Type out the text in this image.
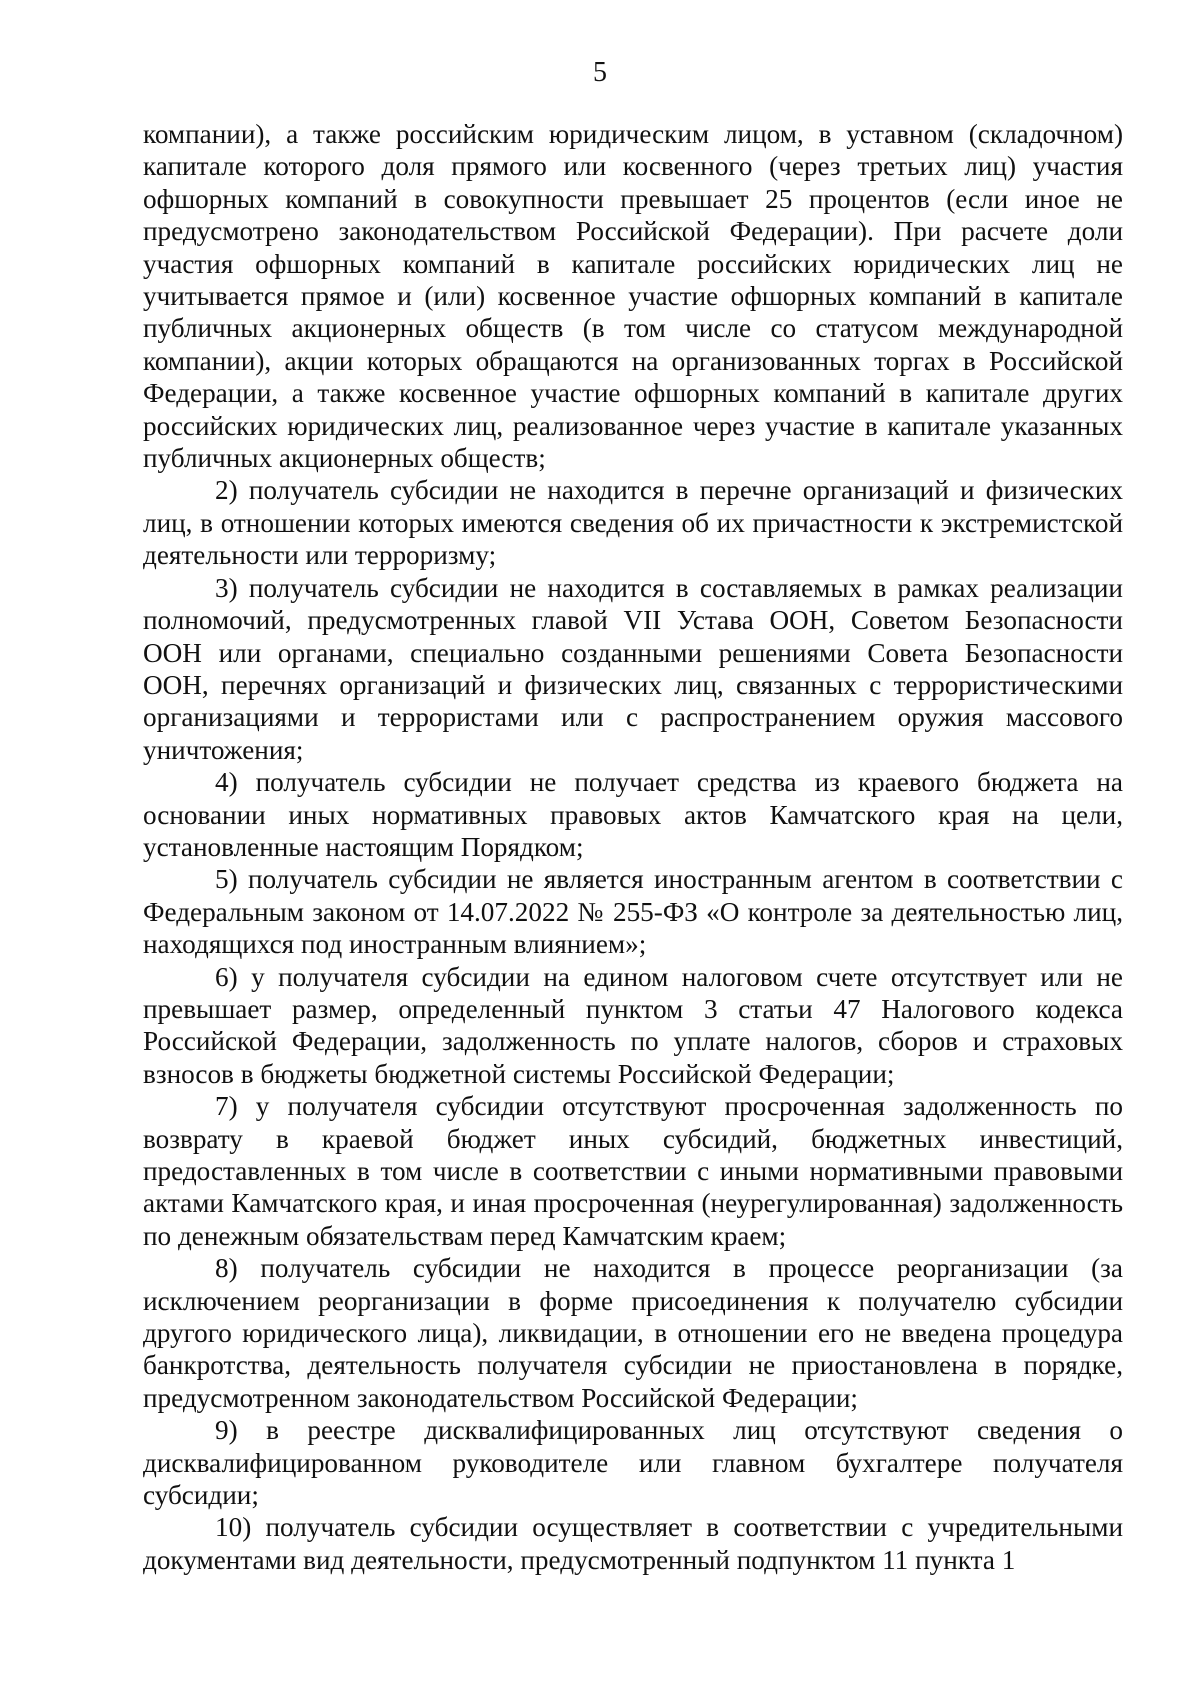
5

компании), а также российским юридическим лицом, в уставном (складочном) капитале которого доля прямого или косвенного (через третьих лиц) участия офшорных компаний в совокупности превышает 25 процентов (если иное не предусмотрено законодательством Российской Федерации). При расчете доли участия офшорных компаний в капитале российских юридических лиц не учитывается прямое и (или) косвенное участие офшорных компаний в капитале публичных акционерных обществ (в том числе со статусом международной компании), акции которых обращаются на организованных торгах в Российской Федерации, а также косвенное участие офшорных компаний в капитале других российских юридических лиц, реализованное через участие в капитале указанных публичных акционерных обществ;

2) получатель субсидии не находится в перечне организаций и физических лиц, в отношении которых имеются сведения об их причастности к экстремистской деятельности или терроризму;

3) получатель субсидии не находится в составляемых в рамках реализации полномочий, предусмотренных главой VII Устава ООН, Советом Безопасности ООН или органами, специально созданными решениями Совета Безопасности ООН, перечнях организаций и физических лиц, связанных с террористическими организациями и террористами или с распространением оружия массового уничтожения;

4) получатель субсидии не получает средства из краевого бюджета на основании иных нормативных правовых актов Камчатского края на цели, установленные настоящим Порядком;

5) получатель субсидии не является иностранным агентом в соответствии с Федеральным законом от 14.07.2022 № 255-ФЗ «О контроле за деятельностью лиц, находящихся под иностранным влиянием»;

6) у получателя субсидии на едином налоговом счете отсутствует или не превышает размер, определенный пунктом 3 статьи 47 Налогового кодекса Российской Федерации, задолженность по уплате налогов, сборов и страховых взносов в бюджеты бюджетной системы Российской Федерации;

7) у получателя субсидии отсутствуют просроченная задолженность по возврату в краевой бюджет иных субсидий, бюджетных инвестиций, предоставленных в том числе в соответствии с иными нормативными правовыми актами Камчатского края, и иная просроченная (неурегулированная) задолженность по денежным обязательствам перед Камчатским краем;

8) получатель субсидии не находится в процессе реорганизации (за исключением реорганизации в форме присоединения к получателю субсидии другого юридического лица), ликвидации, в отношении его не введена процедура банкротства, деятельность получателя субсидии не приостановлена в порядке, предусмотренном законодательством Российской Федерации;

9) в реестре дисквалифицированных лиц отсутствуют сведения о дисквалифицированном руководителе или главном бухгалтере получателя субсидии;

10) получатель субсидии осуществляет в соответствии с учредительными документами вид деятельности, предусмотренный подпунктом 11 пункта 1
